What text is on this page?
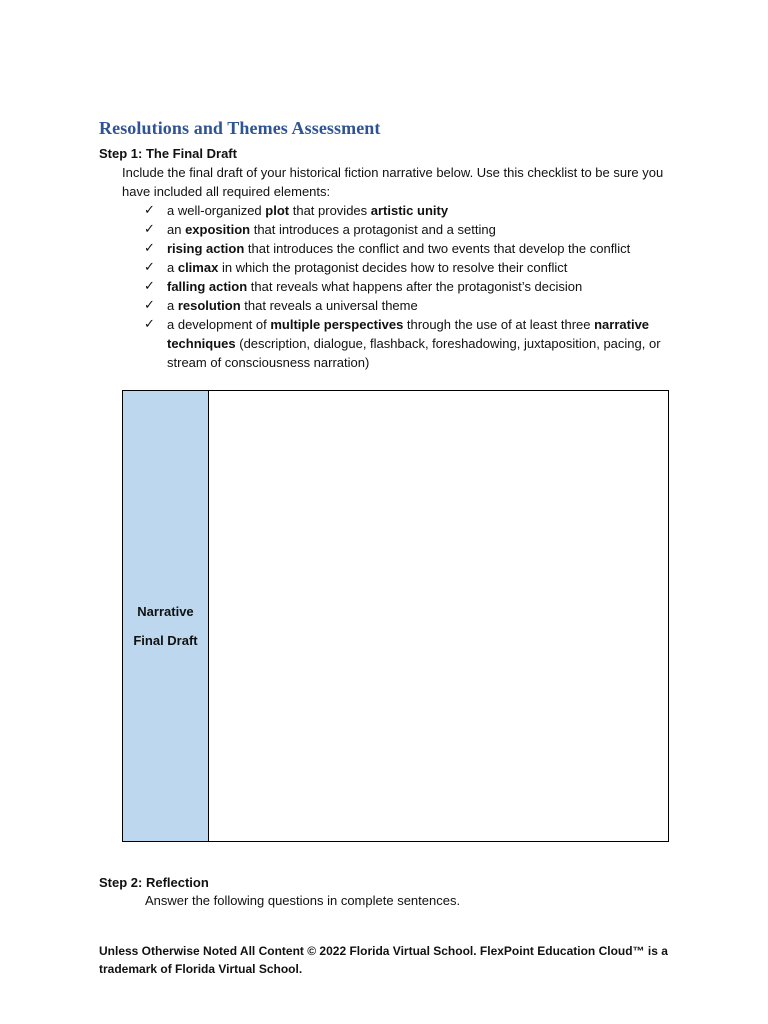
Resolutions and Themes Assessment
Step 1: The Final Draft
Include the final draft of your historical fiction narrative below. Use this checklist to be sure you have included all required elements:
✓ a well-organized plot that provides artistic unity
✓ an exposition that introduces a protagonist and a setting
✓ rising action that introduces the conflict and two events that develop the conflict
✓ a climax in which the protagonist decides how to resolve their conflict
✓ falling action that reveals what happens after the protagonist’s decision
✓ a resolution that reveals a universal theme
✓ a development of multiple perspectives through the use of at least three narrative techniques (description, dialogue, flashback, foreshadowing, juxtaposition, pacing, or stream of consciousness narration)
Narrative
Final Draft
Step 2: Reflection
Answer the following questions in complete sentences.
Unless Otherwise Noted All Content © 2022 Florida Virtual School. FlexPoint Education Cloud™ is a trademark of Florida Virtual School.
